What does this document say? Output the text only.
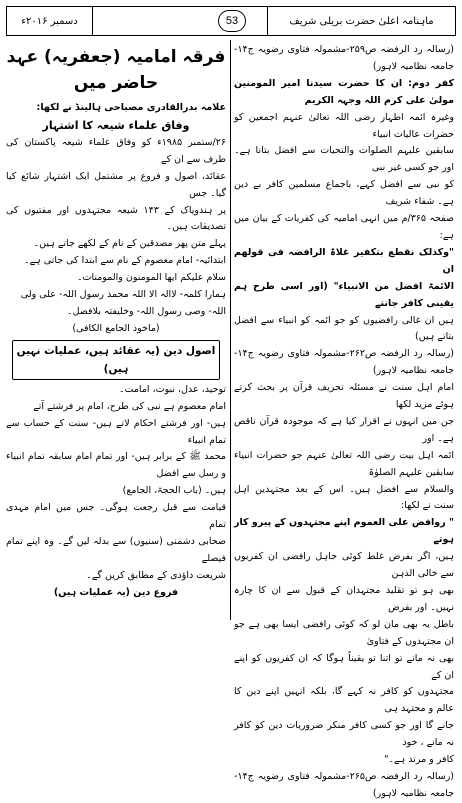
دسمبر ۲۰۱۶ء	53	ماہنامہ اعلیٰ حضرت بریلی شریف

(رسالہ رد الرفضہ ص۲۵۹-مشمولہ فتاوی رضویہ ج۱۴-جامعہ نظامیہ لاہور)

کفر دوم: ان کا حضرت سیدنا امیر المومنین مولیٰ علی کرم اللہ وجہہ الکریم

وغیرہ ائمہ اطہار رضی اللہ تعالیٰ عنہم اجمعین کو حضرات عالیات انبیاء

سابقین علیہم الصلوات والتحیات سے افضل بتانا ہے۔ اور جو کسی غیر نبی

کو نبی سے افضل کہے، باجماع مسلمین کافر بے دین ہے۔ شفاء شریف

صفحہ ۳۶۵/م میں انہی امامیہ کی کفریات کے بیان میں ہے:

"وکذلک نقطع بتکفیر غلاۃ الرافضہ فی قولھم ان

الائمۃ افضل من الانبیاء" (اور اسی طرح ہم یقینی کافر جانتے

ہیں ان غالی رافضیوں کو جو ائمہ کو انبیاء سے افضل بتاتے ہیں)

(رسالہ رد الرفضہ ص۲۶۲-مشمولہ فتاوی رضویہ ج۱۴-جامعہ نظامیہ لاہور)

امام اہل سنت نے مسئلہ تحریف قرآن پر بحث کرتے ہوئے مزید لکھا

جن میں انہوں نے اقرار کیا ہے کہ موجودہ قرآن ناقص ہے۔ اور

ائمہ اہل بیت رضی اللہ تعالیٰ عنہم جو حضرات انبیاء سابقین علیہم الصلوٰۃ

والسلام سے افضل ہیں۔ اس کے بعد مجتہدین اہل سنت نے لکھا:

" روافض علی العموم اپنے مجتہدوں کے پیرو کار ہوتے

ہیں، اگر بفرض غلط کوئی جاہل رافضی ان کفریوں سے خالی الذہن

بھی ہو تو تقلید مجتہدان کے قبول سے ان کا چارہ نہیں۔ اور بفرض

باطل یہ بھی مان لو کہ کوئی رافضی ایسا بھی ہے جو ان مجتہدوں کے فتاویٰ

بھی نہ مانے تو اتنا تو یقیناً ہوگا کہ ان کفریوں کو اپنے ان کے

مجتہدوں کو کافر نہ کہے گا، بلکہ انہیں اپنے دین کا عالم و مجتہد ہی

جانے گا اور جو کسی کافر منکر ضروریات دین کو کافر نہ مانے ، خود

کافر و مرتد ہے۔"

(رسالہ رد الرفضہ ص۲۶۵-مشمولہ فتاوی رضویہ ج۱۴-جامعہ نظامیہ لاہور)

فرقہ امامیہ (جعفریہ) عہد حاضر میں

علامہ بدرالقادری مصباحی ہالینڈ نے لکھا:

وفاق علماء شیعہ کا اشتہار

۲۶/ستمبر ۱۹۸۵ء کو وفاق علماء شیعہ پاکستان کی طرف سے ان کے

عقائد، اصول و فروع پر مشتمل ایک اشتہار شائع کیا گیا۔ جس

پر ہندوپاک کے ۱۴۳ شیعہ مجتہدوں اور مفتیوں کی تصدیقات ہیں۔

پہلے متن پھر مصدقین کے نام کے لکھے جاتے ہیں۔

ابتدائیہ- امام معصوم کے نام سے ابتدا کی جاتی ہے۔

سلام علیکم ایھا المومنون والمومنات۔

ہمارا کلمہ- لاالہ الا اللہ محمد رسول اللہ- علی ولی

اللہ- وصی رسول اللہ- وخلیفتہ بلافصل۔

(ماخوذ الجامع الکافی)

اصول دین (یہ عقائد ہیں، عملیات نہیں ہیں)

توحید، عدل، نبوت، امامت۔

امام معصوم ہے نبی کی طرح، امام پر فرشتے آتے

ہیں- اور فرشتے احکام لاتے ہیں- سنت کے حساب سے تمام انبیاء

محمد ﷺ کے برابر ہیں- اور تمام امام سابقہ تمام انبیاء و رسل سے افضل

ہیں۔ (باب الحجۃ، الجامع)

قیامت سے قبل رجعت ہوگی۔ جس میں امام مہدی تمام

صحابی دشمنی (سنیوں) سے بدلہ لیں گے۔ وہ اپنے تمام فیصلے

شریعت داؤدی کے مطابق کریں گے۔

فروع دین (یہ عملیات ہیں)
